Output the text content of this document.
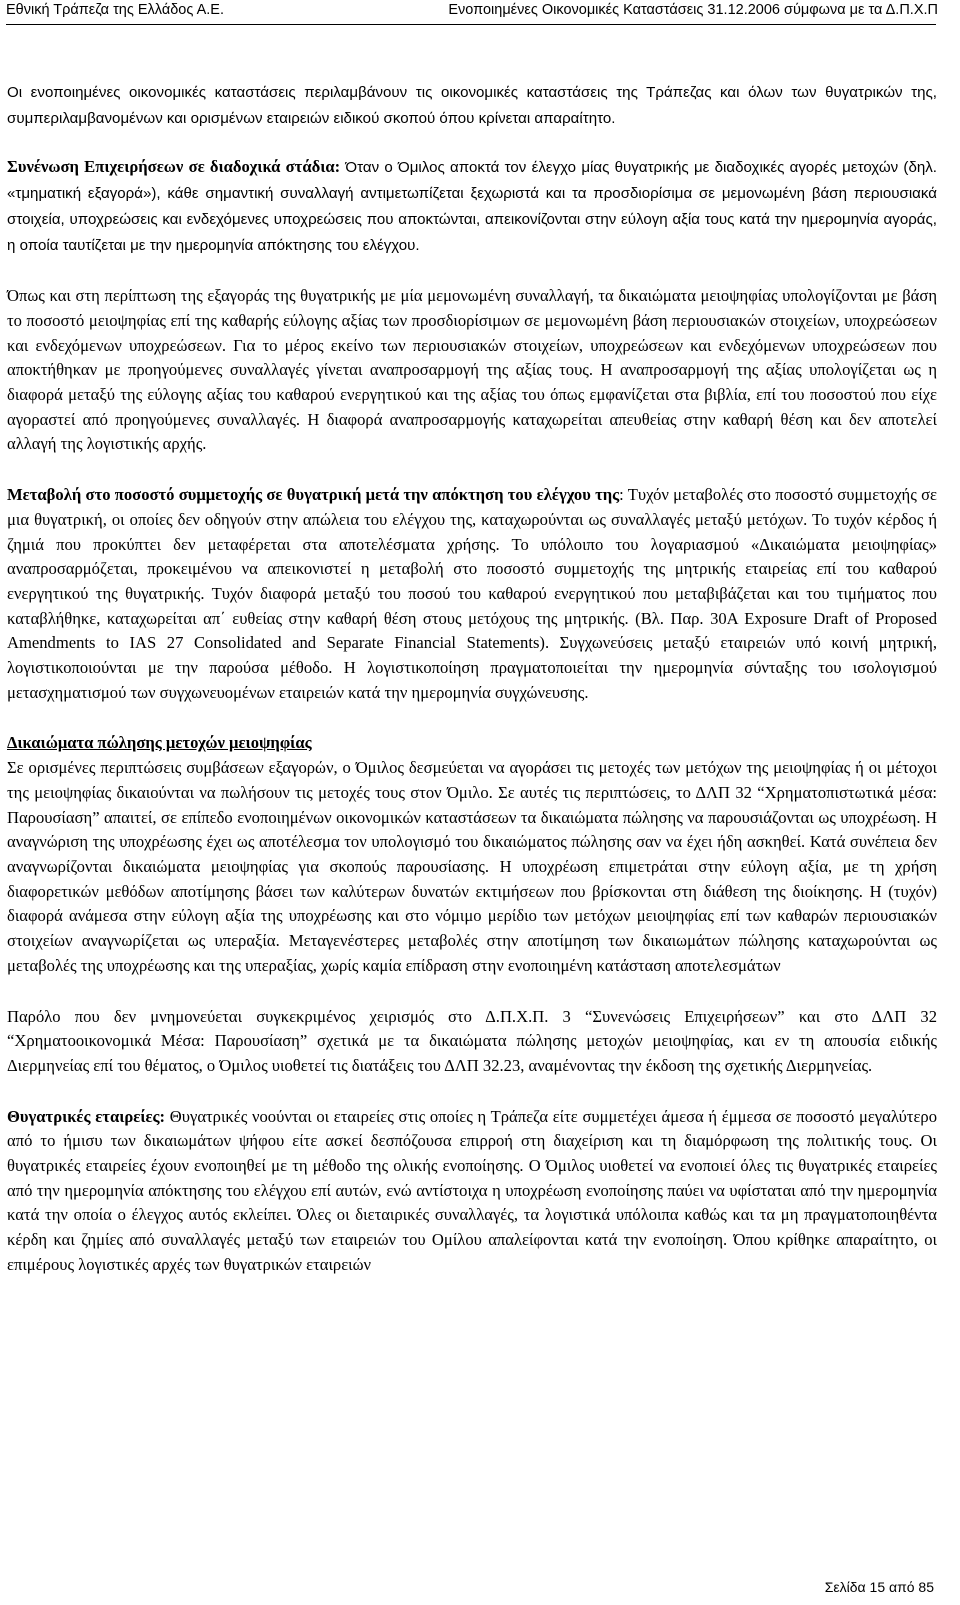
Εθνική Τράπεζα της Ελλάδος Α.Ε.	Ενοποιημένες Οικονομικές Καταστάσεις 31.12.2006 σύμφωνα με τα Δ.Π.Χ.Π

Οι ενοποιημένες οικονομικές καταστάσεις περιλαμβάνουν τις οικονομικές καταστάσεις της Τράπεζας και όλων των θυγατρικών της, συμπεριλαμβανομένων και ορισμένων εταιρειών ειδικού σκοπού όπου κρίνεται απαραίτητο.

Συνένωση Επιχειρήσεων σε διαδοχικά στάδια: Όταν ο Όμιλος αποκτά τον έλεγχο μίας θυγατρικής με διαδοχικές αγορές μετοχών (δηλ. «τμηματική εξαγορά»), κάθε σημαντική συναλλαγή αντιμετωπίζεται ξεχωριστά και τα προσδιορίσιμα σε μεμονωμένη βάση περιουσιακά στοιχεία, υποχρεώσεις και ενδεχόμενες υποχρεώσεις που αποκτώνται, απεικονίζονται στην εύλογη αξία τους κατά την ημερομηνία αγοράς, η οποία ταυτίζεται με την ημερομηνία απόκτησης του ελέγχου.

Όπως και στη περίπτωση της εξαγοράς της θυγατρικής με μία μεμονωμένη συναλλαγή, τα δικαιώματα μειοψηφίας υπολογίζονται με βάση το ποσοστό μειοψηφίας επί της καθαρής εύλογης αξίας των προσδιορίσιμων σε μεμονωμένη βάση περιουσιακών στοιχείων, υποχρεώσεων και ενδεχόμενων υποχρεώσεων. Για το μέρος εκείνο των περιουσιακών στοιχείων, υποχρεώσεων και ενδεχόμενων υποχρεώσεων που αποκτήθηκαν με προηγούμενες συναλλαγές γίνεται αναπροσαρμογή της αξίας τους. Η αναπροσαρμογή της αξίας υπολογίζεται ως η διαφορά μεταξύ της εύλογης αξίας του καθαρού ενεργητικού και της αξίας του όπως εμφανίζεται στα βιβλία, επί του ποσοστού που είχε αγοραστεί από προηγούμενες συναλλαγές. Η διαφορά αναπροσαρμογής καταχωρείται απευθείας στην καθαρή θέση και δεν αποτελεί αλλαγή της λογιστικής αρχής.

Μεταβολή στο ποσοστό συμμετοχής σε θυγατρική μετά την απόκτηση του ελέγχου της: Τυχόν μεταβολές στο ποσοστό συμμετοχής σε μια θυγατρική, οι οποίες δεν οδηγούν στην απώλεια του ελέγχου της, καταχωρούνται ως συναλλαγές μεταξύ μετόχων. Το τυχόν κέρδος ή ζημιά που προκύπτει δεν μεταφέρεται στα αποτελέσματα χρήσης. Το υπόλοιπο του λογαριασμού «Δικαιώματα μειοψηφίας» αναπροσαρμόζεται, προκειμένου να απεικονιστεί η μεταβολή στο ποσοστό συμμετοχής της μητρικής εταιρείας επί του καθαρού ενεργητικού της θυγατρικής. Τυχόν διαφορά μεταξύ του ποσού του καθαρού ενεργητικού που μεταβιβάζεται και του τιμήματος που καταβλήθηκε, καταχωρείται απ΄ ευθείας στην καθαρή θέση στους μετόχους της μητρικής. (Βλ. Παρ. 30A Exposure Draft of Proposed Amendments to IAS 27 Consolidated and Separate Financial Statements). Συγχωνεύσεις μεταξύ εταιρειών υπό κοινή μητρική, λογιστικοποιούνται με την παρούσα μέθοδο. Η λογιστικοποίηση πραγματοποιείται την ημερομηνία σύνταξης του ισολογισμού μετασχηματισμού των συγχωνευομένων εταιρειών κατά την ημερομηνία συγχώνευσης.

Δικαιώματα πώλησης μετοχών μειοψηφίας

Σε ορισμένες περιπτώσεις συμβάσεων εξαγορών, ο Όμιλος δεσμεύεται να αγοράσει τις μετοχές των μετόχων της μειοψηφίας ή οι μέτοχοι της μειοψηφίας δικαιούνται να πωλήσουν τις μετοχές τους στον Όμιλο. Σε αυτές τις περιπτώσεις, το ΔΛΠ 32 “Χρηματοπιστωτικά μέσα: Παρουσίαση” απαιτεί, σε επίπεδο ενοποιημένων οικονομικών καταστάσεων τα δικαιώματα πώλησης να παρουσιάζονται ως υποχρέωση. Η αναγνώριση της υποχρέωσης έχει ως αποτέλεσμα τον υπολογισμό του δικαιώματος πώλησης σαν να έχει ήδη ασκηθεί. Κατά συνέπεια δεν αναγνωρίζονται δικαιώματα μειοψηφίας για σκοπούς παρουσίασης. Η υποχρέωση επιμετράται στην εύλογη αξία, με τη χρήση διαφορετικών μεθόδων αποτίμησης βάσει των καλύτερων δυνατών εκτιμήσεων που βρίσκονται στη διάθεση της διοίκησης. Η (τυχόν) διαφορά ανάμεσα στην εύλογη αξία της υποχρέωσης και στο νόμιμο μερίδιο των μετόχων μειοψηφίας επί των καθαρών περιουσιακών στοιχείων αναγνωρίζεται ως υπεραξία. Μεταγενέστερες μεταβολές στην αποτίμηση των δικαιωμάτων πώλησης καταχωρούνται ως μεταβολές της υποχρέωσης και της υπεραξίας, χωρίς καμία επίδραση στην ενοποιημένη κατάσταση αποτελεσμάτων

Παρόλο που δεν μνημονεύεται συγκεκριμένος χειρισμός στο Δ.Π.Χ.Π. 3 “Συνενώσεις Επιχειρήσεων” και στο ΔΛΠ 32 “Χρηματοοικονομικά Μέσα: Παρουσίαση” σχετικά με τα δικαιώματα πώλησης μετοχών μειοψηφίας, και εν τη απουσία ειδικής Διερμηνείας επί του θέματος, ο Όμιλος υιοθετεί τις διατάξεις του ΔΛΠ 32.23, αναμένοντας την έκδοση της σχετικής Διερμηνείας.

Θυγατρικές εταιρείες: Θυγατρικές νοούνται οι εταιρείες στις οποίες η Τράπεζα είτε συμμετέχει άμεσα ή έμμεσα σε ποσοστό μεγαλύτερο από το ήμισυ των δικαιωμάτων ψήφου είτε ασκεί δεσπόζουσα επιρροή στη διαχείριση και τη διαμόρφωση της πολιτικής τους. Οι θυγατρικές εταιρείες έχουν ενοποιηθεί με τη μέθοδο της ολικής ενοποίησης. Ο Όμιλος υιοθετεί να ενοποιεί όλες τις θυγατρικές εταιρείες από την ημερομηνία απόκτησης του ελέγχου επί αυτών, ενώ αντίστοιχα η υποχρέωση ενοποίησης παύει να υφίσταται από την ημερομηνία κατά την οποία ο έλεγχος αυτός εκλείπει. Όλες οι διεταιρικές συναλλαγές, τα λογιστικά υπόλοιπα καθώς και τα μη πραγματοποιηθέντα κέρδη και ζημίες από συναλλαγές μεταξύ των εταιρειών του Ομίλου απαλείφονται κατά την ενοποίηση. Όπου κρίθηκε απαραίτητο, οι επιμέρους λογιστικές αρχές των θυγατρικών εταιρειών

Σελίδα 15 από 85
